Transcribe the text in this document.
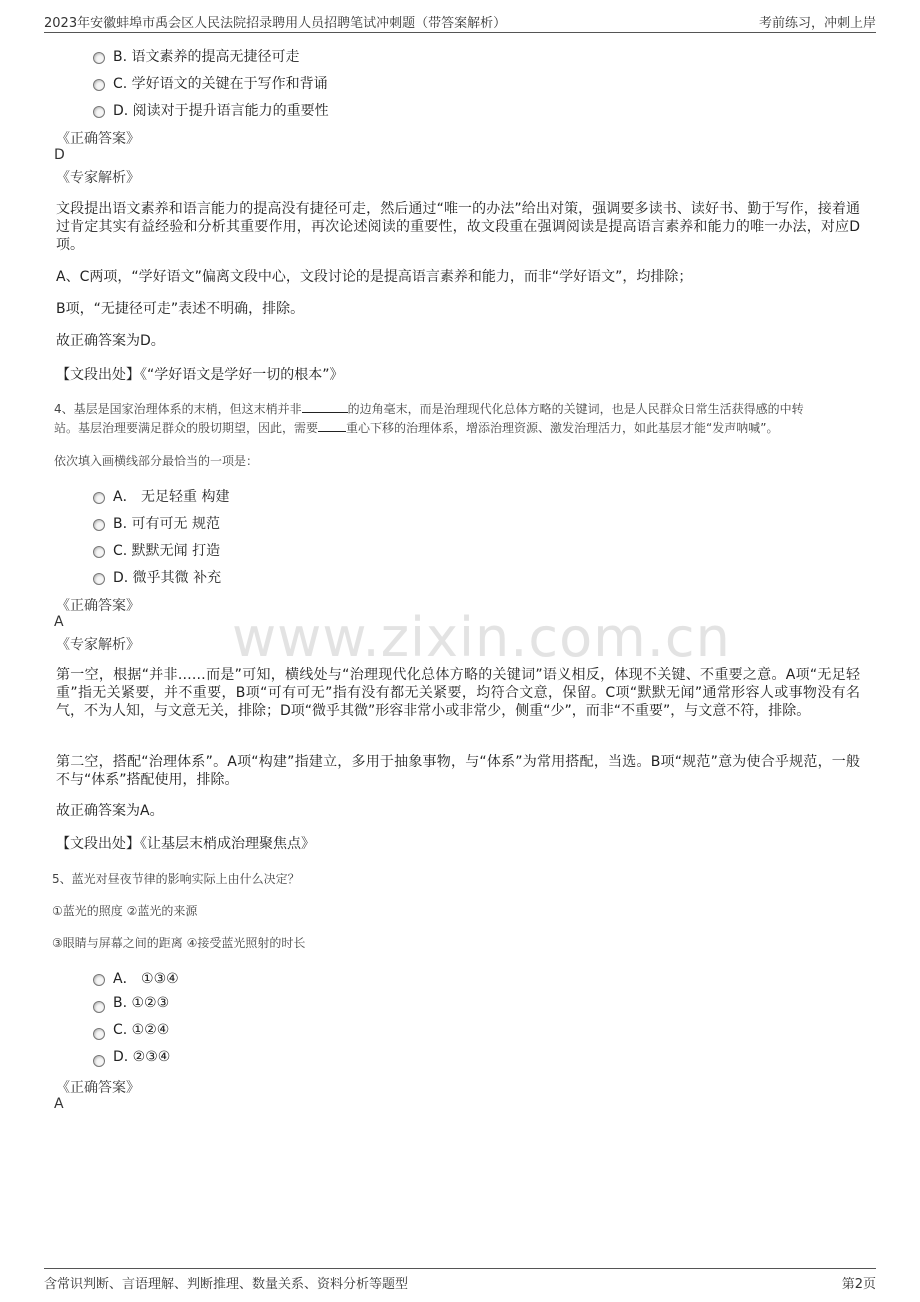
2023年安徽蚌埠市禹会区人民法院招录聘用人员招聘笔试冲刺题（带答案解析）	考前练习，冲刺上岸
www.zixin.com.cn
B. 语文素养的提高无捷径可走
C. 学好语文的关键在于写作和背诵
D. 阅读对于提升语言能力的重要性
《正确答案》
D
《专家解析》
文段提出语文素养和语言能力的提高没有捷径可走，然后通过“唯一的办法”给出对策，强调要多读书、读好书、勤于写作，接着通过肯定其实有益经验和分析其重要作用，再次论述阅读的重要性，故文段重在强调阅读是提高语言素养和能力的唯一办法，对应D项。
A、C两项，“学好语文”偏离文段中心，文段讨论的是提高语言素养和能力，而非“学好语文”，均排除；
B项，“无捷径可走”表述不明确，排除。
故正确答案为D。
【文段出处】《“学好语文是学好一切的根本”》
4、基层是国家治理体系的末梢，但这末梢并非	的边角毫末，而是治理现代化总体方略的关键词，也是人民群众日常生活获得感的中转
站。基层治理要满足群众的殷切期望，因此，需要 重心下移的治理体系，增添治理资源、激发治理活力，如此基层才能“发声呐喊”。
依次填入画横线部分最恰当的一项是：
A． 无足轻重 构建
B. 可有可无 规范
C. 默默无闻 打造
D. 微乎其微 补充
《正确答案》
A
《专家解析》
第一空，根据“并非……而是”可知，横线处与“治理现代化总体方略的关键词”语义相反，体现不关键、不重要之意。A项“无足轻重”指无关紧要，并不重要，B项“可有可无”指有没有都无关紧要，均符合文意，保留。C项“默默无闻”通常形容人或事物没有名气，不为人知，与文意无关，排除；D项“微乎其微”形容非常小或非常少，侧重“少”，而非“不重要”，与文意不符，排除。
第二空，搭配“治理体系”。A项“构建”指建立，多用于抽象事物，与“体系”为常用搭配，当选。B项“规范”意为使合乎规范，一般不与“体系”搭配使用，排除。
故正确答案为A。
【文段出处】《让基层末梢成治理聚焦点》
5、蓝光对昼夜节律的影响实际上由什么决定？
①蓝光的照度 ②蓝光的来源
③眼睛与屏幕之间的距离 ④接受蓝光照射的时长
A． ①③④
B. ①②③
C. ①②④
D. ②③④
《正确答案》
A
含常识判断、言语理解、判断推理、数量关系、资料分析等题型	第2页
